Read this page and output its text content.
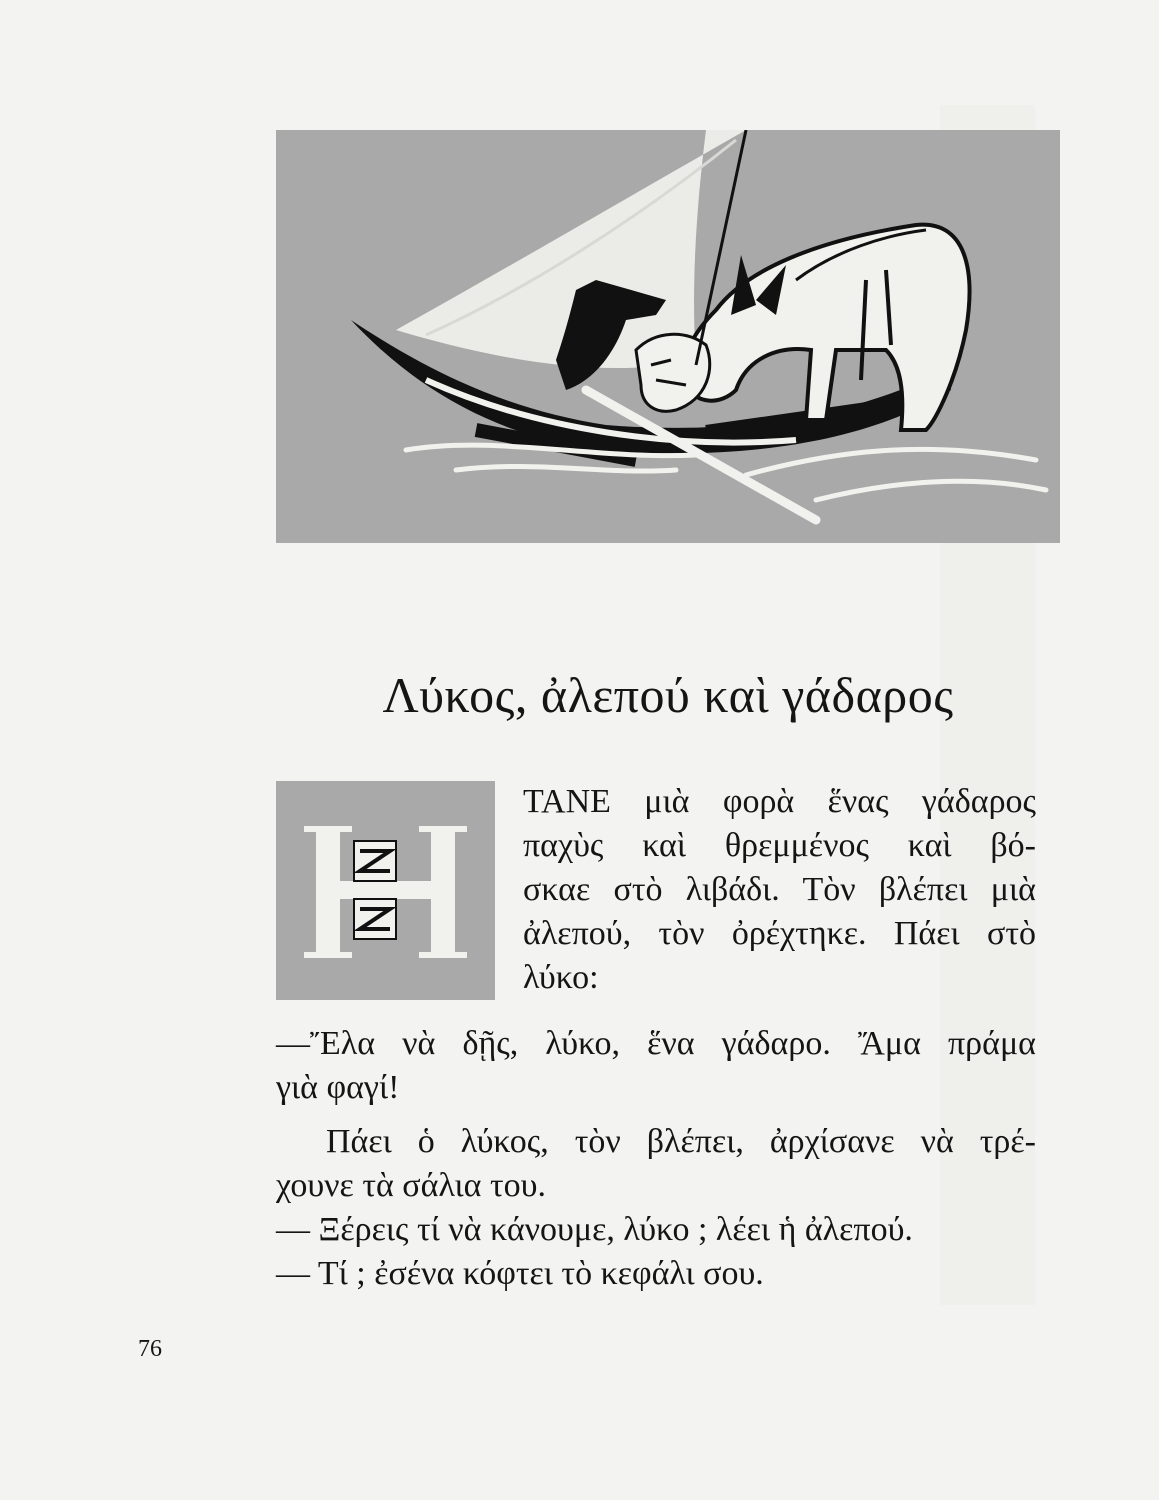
Λύκος, ἀλεπού καὶ γάδαρος
ΤΑΝΕ μιὰ φορὰ ἕνας γάδαρος
παχὺς καὶ θρεμμένος καὶ βό-
σκαε στὸ λιβάδι. Τὸν βλέπει μιὰ
ἀλεπού, τὸν ὀρέχτηκε. Πάει στὸ
λύκο:
—Ἔλα νὰ δῇς, λύκο, ἕνα γάδαρο. Ἄμα πράμα
γιὰ φαγί!
Πάει ὁ λύκος, τὸν βλέπει, ἀρχίσανε νὰ τρέ-
χουνε τὰ σάλια του.
— Ξέρεις τί νὰ κάνουμε, λύκο ; λέει ἡ ἀλεπού.
— Τί ; ἐσένα κόφτει τὸ κεφάλι σου.
76
